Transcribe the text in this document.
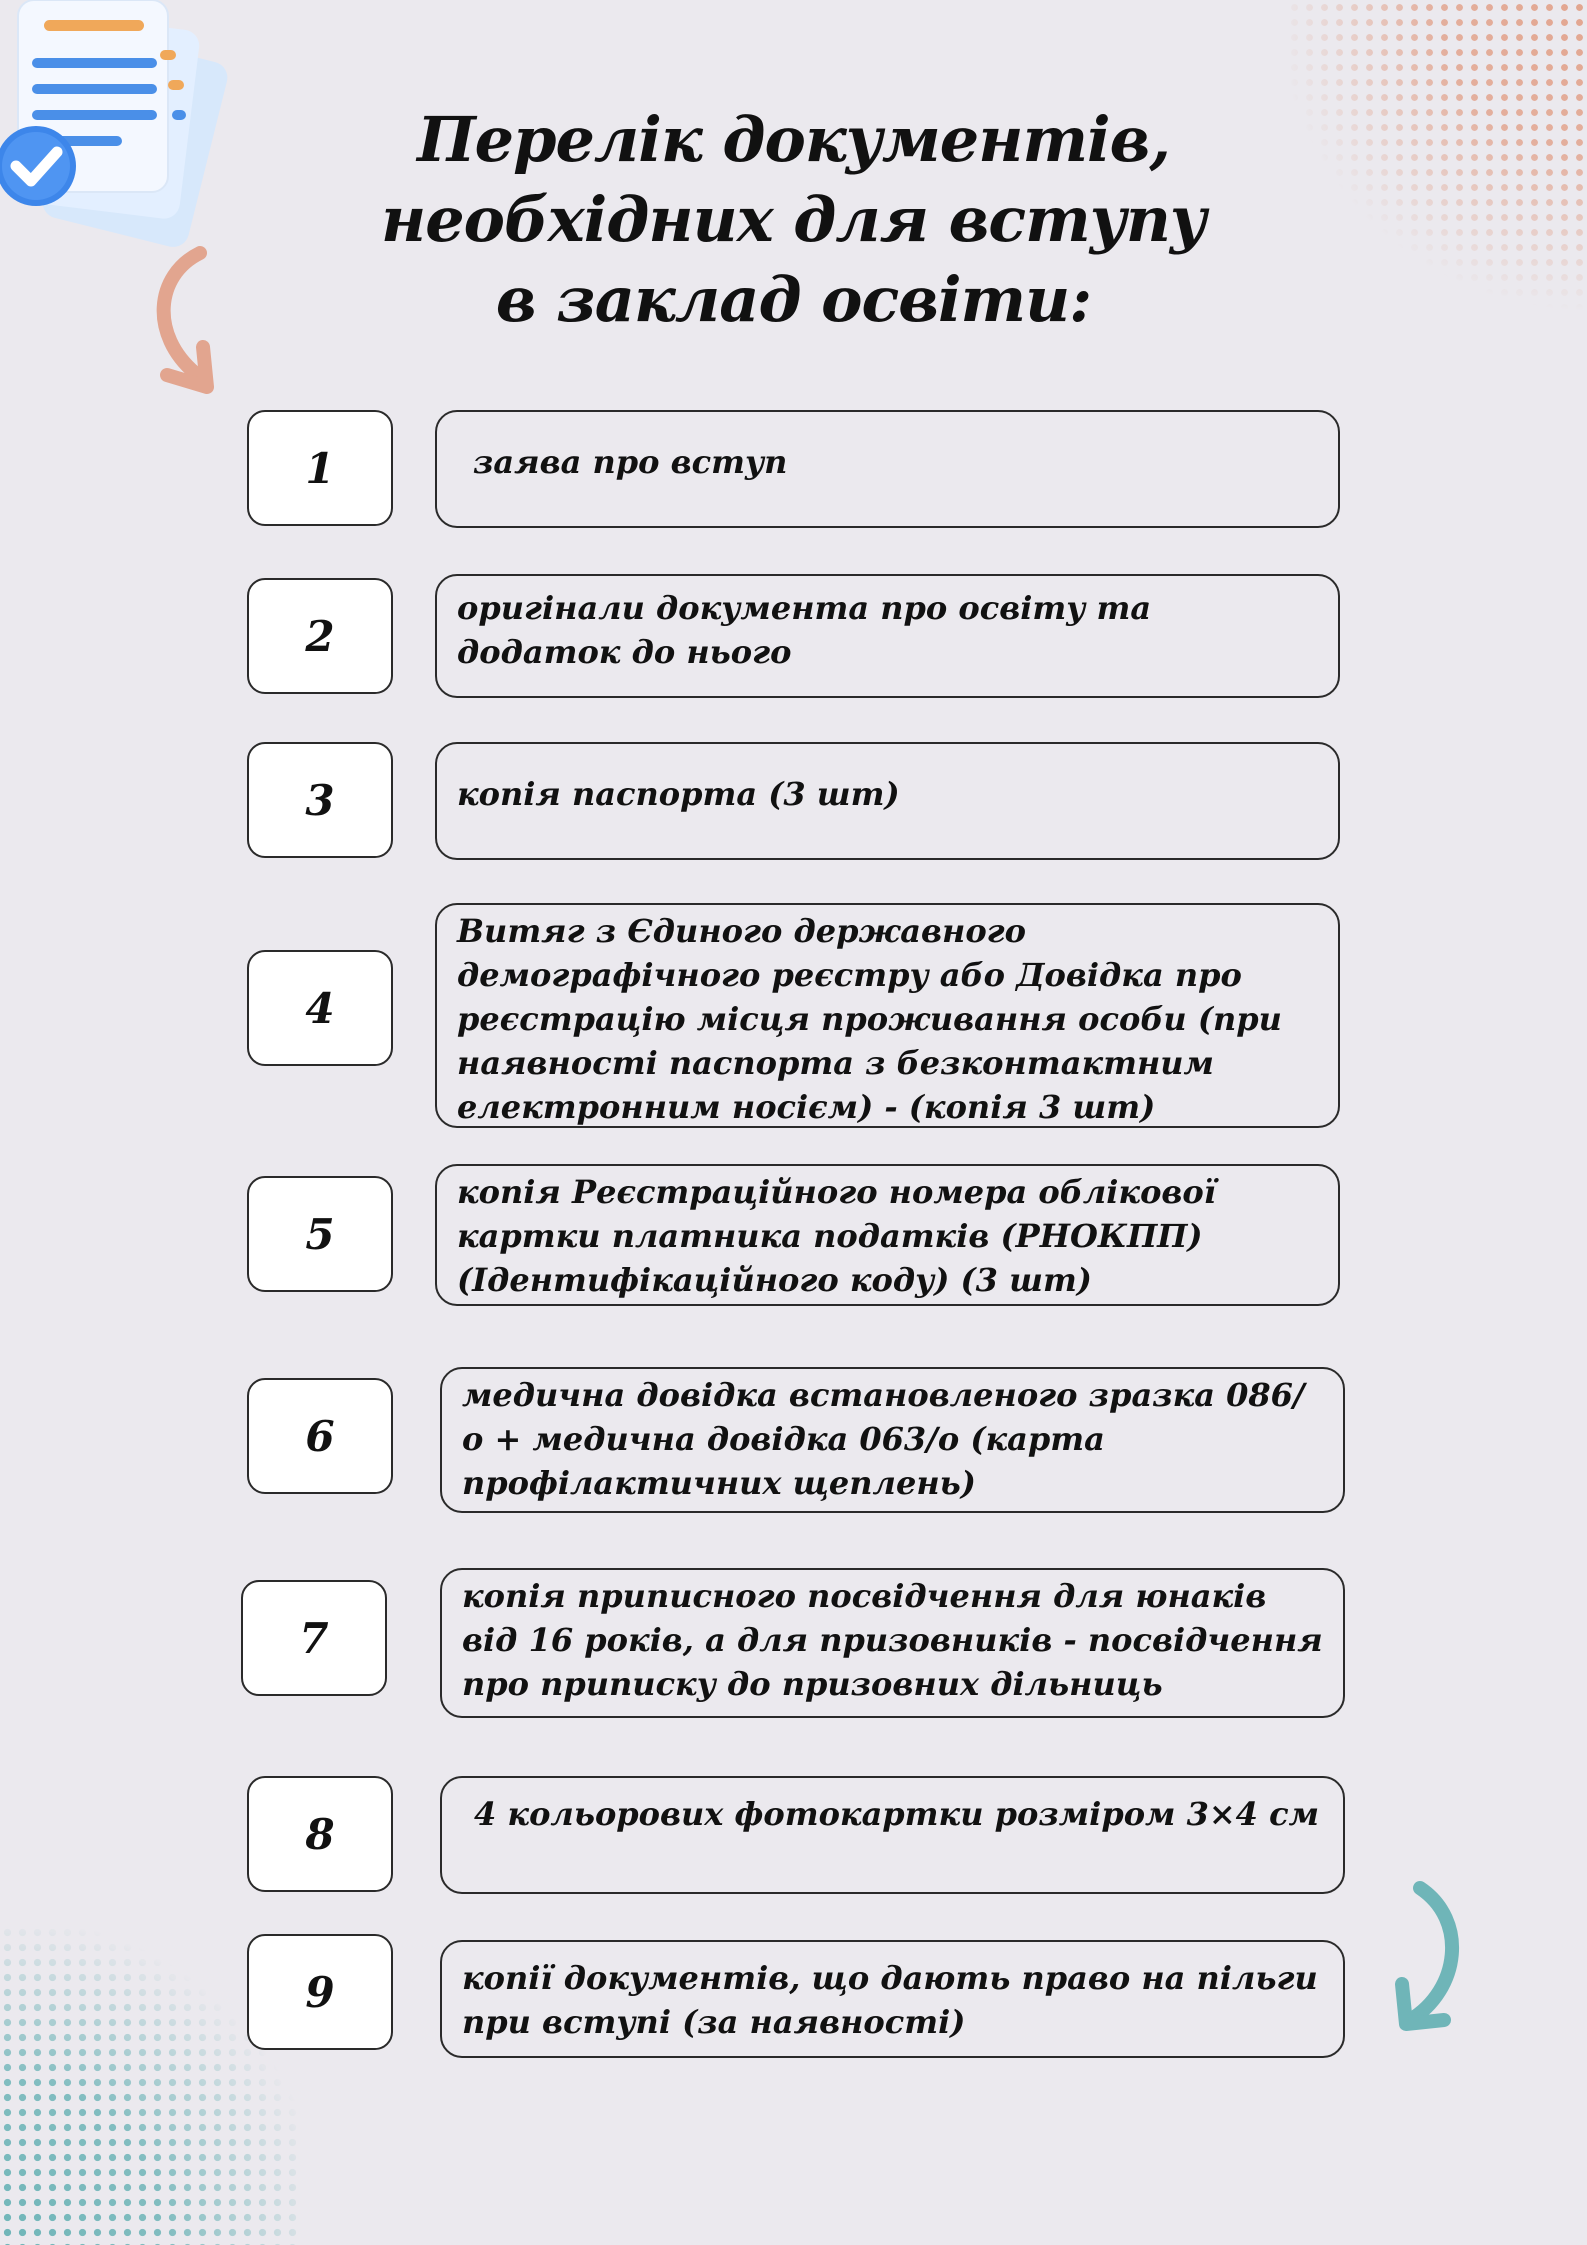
Перелік документів,
необхідних для вступу
в заклад освіти:
1	заява про вступ
2
оригінали документа про освіту та додаток до нього
3	копія паспорта (3 шт)
4
Витяг з Єдиного державного демографічного реєстру або Довідка про реєстрацію місця проживання особи (при наявності паспорта з безконтактним електронним носієм) - (копія 3 шт)
5
копія Реєстраційного номера облікової картки платника податків (РНОКПП) (Ідентифікаційного коду) (3 шт)
6
медична довідка встановленого зразка 086/о + медична довідка 063/о (карта профілактичних щеплень)
7
копія приписного посвідчення для юнаків від 16 років, а для призовників - посвідчення про приписку до призовних дільниць
8	4 кольорових фотокартки розміром 3×4 см
9	копії документів, що дають право на пільги при вступі (за наявності)
